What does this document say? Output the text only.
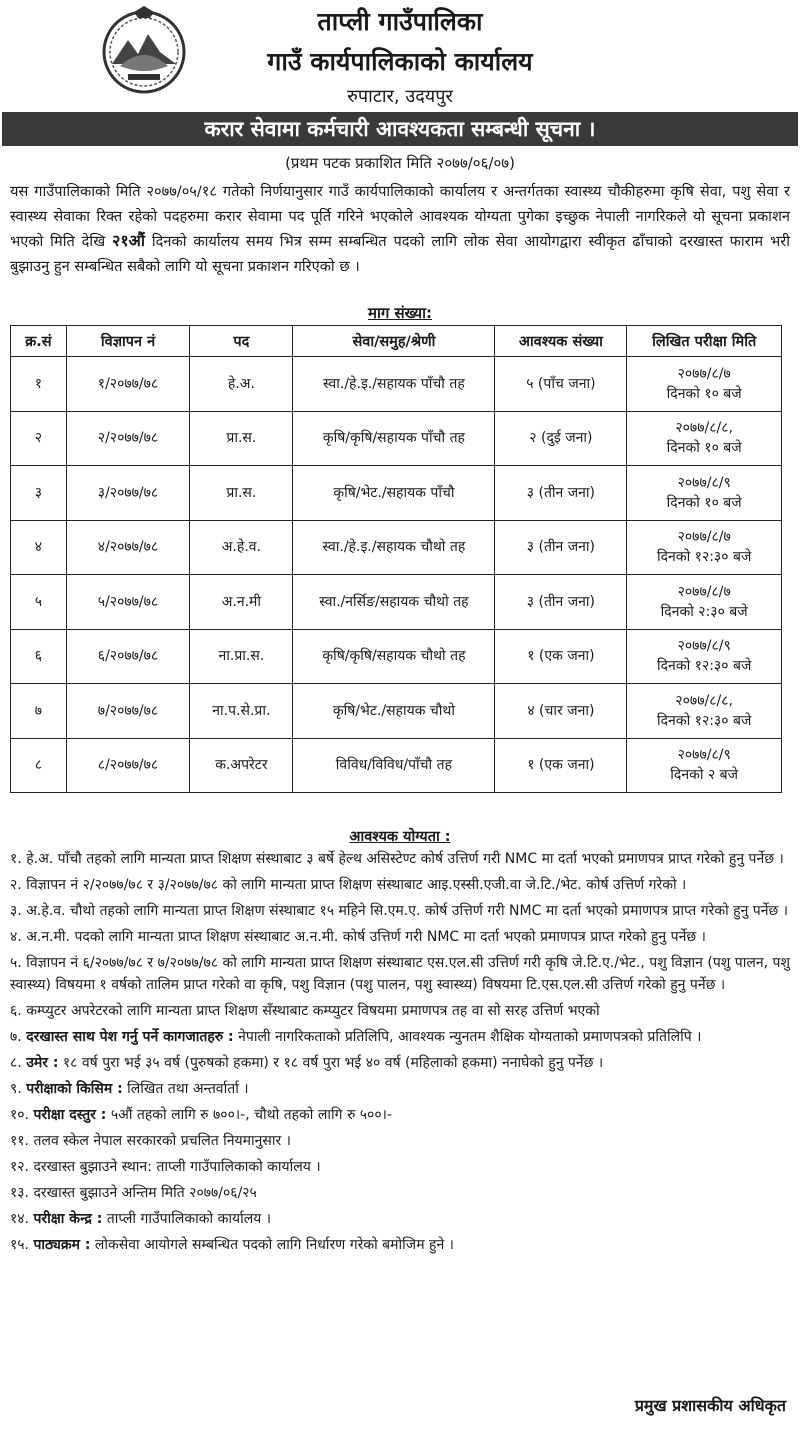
ताप्ली गाउँपालिका
गाउँ कार्यपालिकाको कार्यालय
रुपाटार, उदयपुर
करार सेवामा कर्मचारी आवश्यकता सम्बन्धी सूचना ।
(प्रथम पटक प्रकाशित मिति २०७७/०६/०७)
यस गाउँपालिकाको मिति २०७७/०५/१८ गतेको निर्णयानुसार गाउँ कार्यपालिकाको कार्यालय र अन्तर्गतका स्वास्थ्य चौकीहरुमा कृषि सेवा, पशु सेवा र स्वास्थ्य सेवाका रिक्त रहेको पदहरुमा करार सेवामा पद पूर्ति गरिने भएकोले आवश्यक योग्यता पुगेका इच्छुक नेपाली नागरिकले यो सूचना प्रकाशन भएको मिति देखि २१औं दिनको कार्यालय समय भित्र सम्म सम्बन्धित पदको लागि लोक सेवा आयोगद्वारा स्वीकृत ढाँचाको दरखास्त फाराम भरी बुझाउनु हुन सम्बन्धित सबैको लागि यो सूचना प्रकाशन गरिएको छ ।
माग संख्या:
क्र.सं	विज्ञापन नं	पद	सेवा/समुह/श्रेणी	आवश्यक संख्या	लिखित परीक्षा मिति
१	१/२०७७/७८	हे.अ.	स्वा./हे.इ./सहायक पाँचौ तह	५ (पाँच जना)	२०७७/८/७
दिनको १० बजे

२	२/२०७७/७८	प्रा.स.	कृषि/कृषि/सहायक पाँचौ तह	२ (दुई जना)	२०७७/८/८,
दिनको १० बजे

३	३/२०७७/७८	प्रा.स.	कृषि/भेट./सहायक पाँचौ	३ (तीन जना)	२०७७/८/९
दिनको १० बजे

४	४/२०७७/७८	अ.हे.व.	स्वा./हे.इ./सहायक चौथो तह	३ (तीन जना)	२०७७/८/७
दिनको १२:३० बजे

५	५/२०७७/७८	अ.न.मी	स्वा./नर्सिङ/सहायक चौथो तह	३ (तीन जना)	२०७७/८/७
दिनको २:३० बजे

६	६/२०७७/७८	ना.प्रा.स.	कृषि/कृषि/सहायक चौथो तह	१ (एक जना)	२०७७/८/९
दिनको १२:३० बजे

७	७/२०७७/७८	ना.प.से.प्रा.	कृषि/भेट./सहायक चौथो	४ (चार जना)	२०७७/८/८,
दिनको १२:३० बजे

८	८/२०७७/७८	क.अपरेटर	विविध/विविध/पाँचौ तह	१ (एक जना)	२०७७/८/९
दिनको २ बजे
आवश्यक योग्यता :
१. हे.अ. पाँचौ तहको लागि मान्यता प्राप्त शिक्षण संस्थाबाट ३ बर्षे हेल्थ असिस्टेण्ट कोर्ष उत्तिर्ण गरी NMC मा दर्ता भएको प्रमाणपत्र प्राप्त गरेको हुनु पर्नेछ ।
२. विज्ञापन नं २/२०७७/७८ र ३/२०७७/७८ को लागि मान्यता प्राप्त शिक्षण संस्थाबाट आइ.एस्सी.एजी.वा जे.टि./भेट. कोर्ष उत्तिर्ण गरेको ।
३. अ.हे.व. चौथो तहको लागि मान्यता प्राप्त शिक्षण संस्थाबाट १५ महिने सि.एम.ए. कोर्ष उत्तिर्ण गरी NMC मा दर्ता भएको प्रमाणपत्र प्राप्त गरेको हुनु पर्नेछ ।
४. अ.न.मी. पदको लागि मान्यता प्राप्त शिक्षण संस्थाबाट अ.न.मी. कोर्ष उत्तिर्ण गरी NMC मा दर्ता भएको प्रमाणपत्र प्राप्त गरेको हुनु पर्नेछ ।
५. विज्ञापन नं ६/२०७७/७८ र ७/२०७७/७८ को लागि मान्यता प्राप्त शिक्षण संस्थाबाट एस.एल.सी उत्तिर्ण गरी कृषि जे.टि.ए./भेट., पशु विज्ञान (पशु पालन, पशु स्वास्थ्य) विषयमा १ वर्षको तालिम प्राप्त गरेको वा कृषि, पशु विज्ञान (पशु पालन, पशु स्वास्थ्य) विषयमा टि.एस.एल.सी उत्तिर्ण गरेको हुनु पर्नेछ ।
६. कम्प्युटर अपरेटरको लागि मान्यता प्राप्त शिक्षण सँस्थाबाट कम्प्युटर विषयमा प्रमाणपत्र तह वा सो सरह उत्तिर्ण भएको
७. दरखास्त साथ पेश गर्नु पर्ने कागजातहरु : नेपाली नागरिकताको प्रतिलिपि, आवश्यक न्युनतम शैक्षिक योग्यताको प्रमाणपत्रको प्रतिलिपि ।
८. उमेर : १८ वर्ष पुरा भई ३५ वर्ष (पुरुषको हकमा) र १८ वर्ष पुरा भई ४० वर्ष (महिलाको हकमा) ननाघेको हुनु पर्नेछ ।
९. परीक्षाको किसिम : लिखित तथा अन्तर्वार्ता ।
१०. परीक्षा दस्तुर : ५औं तहको लागि रु ७००।-, चौथो तहको लागि रु ५००।-
११. तलव स्केल नेपाल सरकारको प्रचलित नियमानुसार ।
१२. दरखास्त बुझाउने स्थान: ताप्ली गाउँपालिकाको कार्यालय ।
१३. दरखास्त बुझाउने अन्तिम मिति २०७७/०६/२५
१४. परीक्षा केन्द्र : ताप्ली गाउँपालिकाको कार्यालय ।
१५. पाठ्यक्रम : लोकसेवा आयोगले सम्बन्धित पदको लागि निर्धारण गरेको बमोजिम हुने ।
प्रमुख प्रशासकीय अधिकृत
